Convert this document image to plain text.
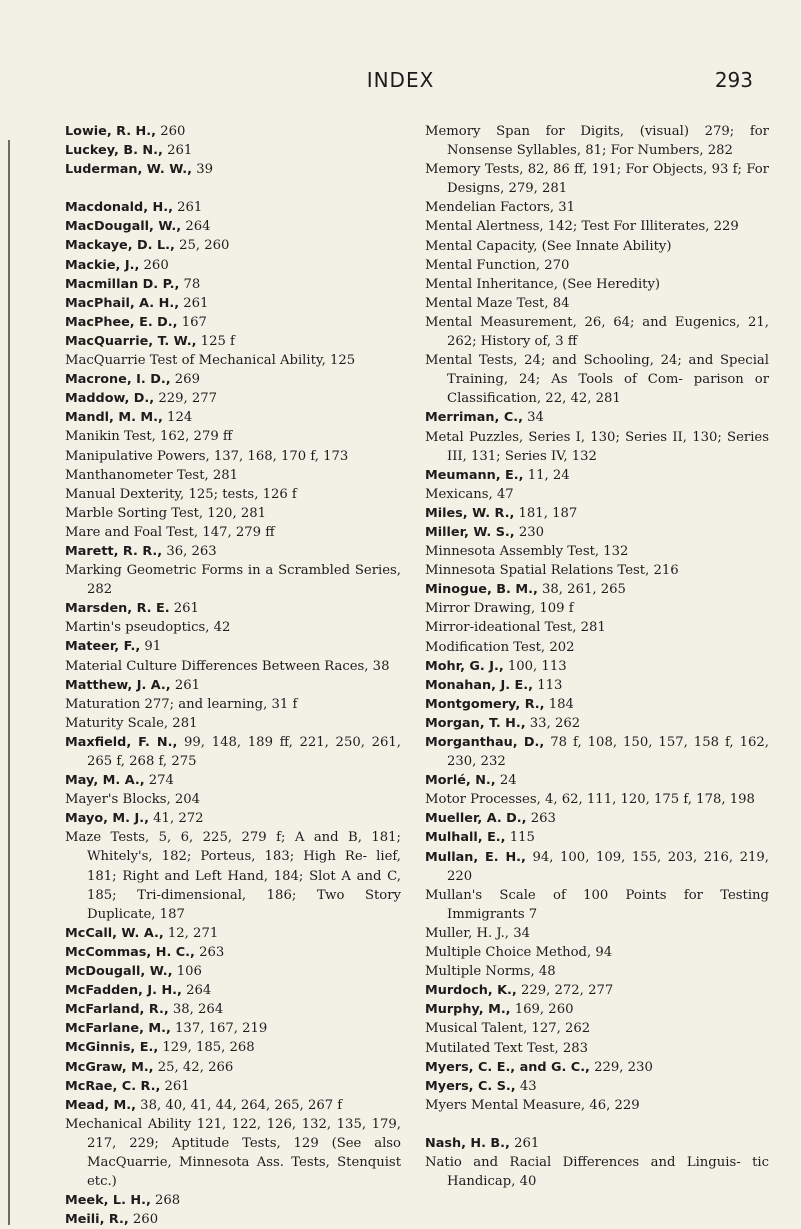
INDEX	293
Lowie, R. H., 260
Luckey, B. N., 261
Luderman, W. W., 39
Macdonald, H., 261
MacDougall, W., 264
Mackaye, D. L., 25, 260
Mackie, J., 260
Macmillan D. P., 78
MacPhail, A. H., 261
MacPhee, E. D., 167
MacQuarrie, T. W., 125 f
MacQuarrie Test of Mechanical Ability, 125
Macrone, I. D., 269
Maddow, D., 229, 277
Mandl, M. M., 124
Manikin Test, 162, 279 ff
Manipulative Powers, 137, 168, 170 f, 173
Manthanometer Test, 281
Manual Dexterity, 125; tests, 126 f
Marble Sorting Test, 120, 281
Mare and Foal Test, 147, 279 ff
Marett, R. R., 36, 263
Marking Geometric Forms in a Scrambled Series, 282
Marsden, R. E. 261
Martin's pseudoptics, 42
Mateer, F., 91
Material Culture Differences Between Races, 38
Matthew, J. A., 261
Maturation 277; and learning, 31 f
Maturity Scale, 281
Maxfield, F. N., 99, 148, 189 ff, 221, 250, 261, 265 f, 268 f, 275
May, M. A., 274
Mayer's Blocks, 204
Mayo, M. J., 41, 272
Maze Tests, 5, 6, 225, 279 f; A and B, 181; Whitely's, 182; Porteus, 183; High Re- lief, 181; Right and Left Hand, 184; Slot A and C, 185; Tri-dimensional, 186; Two Story Duplicate, 187
McCall, W. A., 12, 271
McCommas, H. C., 263
McDougall, W., 106
McFadden, J. H., 264
McFarland, R., 38, 264
McFarlane, M., 137, 167, 219
McGinnis, E., 129, 185, 268
McGraw, M., 25, 42, 266
McRae, C. R., 261
Mead, M., 38, 40, 41, 44, 264, 265, 267 f
Mechanical Ability 121, 122, 126, 132, 135, 179, 217, 229; Aptitude Tests, 129 (See also MacQuarrie, Minnesota Ass. Tests, Stenquist etc.)
Meek, L. H., 268
Meili, R., 260
Memory Span for Digits, (visual) 279; for Nonsense Syllables, 81; For Numbers, 282
Memory Tests, 82, 86 ff, 191; For Objects, 93 f; For Designs, 279, 281
Mendelian Factors, 31
Mental Alertness, 142; Test For Illiterates, 229
Mental Capacity, (See Innate Ability)
Mental Function, 270
Mental Inheritance, (See Heredity)
Mental Maze Test, 84
Mental Measurement, 26, 64; and Eugenics, 21, 262; History of, 3 ff
Mental Tests, 24; and Schooling, 24; and Special Training, 24; As Tools of Com- parison or Classification, 22, 42, 281
Merriman, C., 34
Metal Puzzles, Series I, 130; Series II, 130; Series III, 131; Series IV, 132
Meumann, E., 11, 24
Mexicans, 47
Miles, W. R., 181, 187
Miller, W. S., 230
Minnesota Assembly Test, 132
Minnesota Spatial Relations Test, 216
Minogue, B. M., 38, 261, 265
Mirror Drawing, 109 f
Mirror-ideational Test, 281
Modification Test, 202
Mohr, G. J., 100, 113
Monahan, J. E., 113
Montgomery, R., 184
Morgan, T. H., 33, 262
Morganthau, D., 78 f, 108, 150, 157, 158 f, 162, 230, 232
Morlé, N., 24
Motor Processes, 4, 62, 111, 120, 175 f, 178, 198
Mueller, A. D., 263
Mulhall, E., 115
Mullan, E. H., 94, 100, 109, 155, 203, 216, 219, 220
Mullan's Scale of 100 Points for Testing Immigrants 7
Muller, H. J., 34
Multiple Choice Method, 94
Multiple Norms, 48
Murdoch, K., 229, 272, 277
Murphy, M., 169, 260
Musical Talent, 127, 262
Mutilated Text Test, 283
Myers, C. E., and G. C., 229, 230
Myers, C. S., 43
Myers Mental Measure, 46, 229
Nash, H. B., 261
Natio and Racial Differences and Linguis- tic Handicap, 40
